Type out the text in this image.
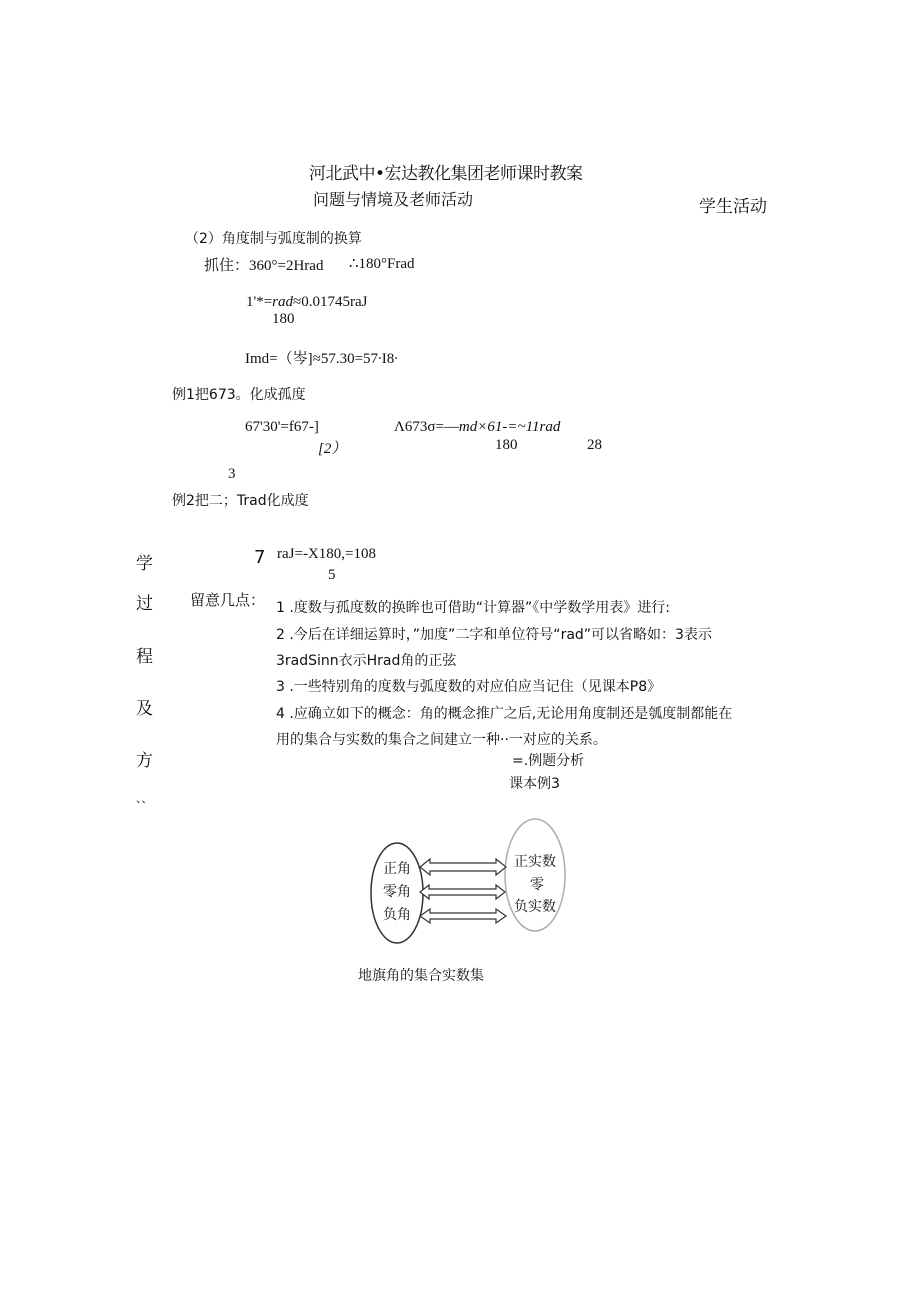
河北武中•宏达教化集团老师课时教案
问题与情境及老师活动	学生活动
（2）角度制与弧度制的换算
抓住：360°=2Hrad ∴180°Frad
1'*=rad≈0.01745raJ
180
Imd=（岑]≈57.30=57∙I8∙
例1把673。化成孤度
67'30'=f67-]
[2）
Λ673σ=—md×61-=~11rad
180	28
3
例2把二；Trad化成度
7 raJ=-X180,=108
5
学
过
程
及
方
、、
留意几点： 1 .度数与孤度数的换眸也可借助“计算器”《中学数学用表》进行:
2 .今后在详细运算时，”加度”二字和单位符号“rad”可以省略如：3表示
3radSinn衣示Hrad角的正弦
3 .一些特别角的度数与弧度数的对应伯应当记住（见课本P8》
4 .应确立如下的概念：角的概念推广之后,无论用角度制还是瓠度制都能在
用的集合与实数的集合之间建立一种··一对应的关系。
=.例题分析
课本例3
正角
零角
负角
正实数
零
负实数
地旗角的集合实数集
